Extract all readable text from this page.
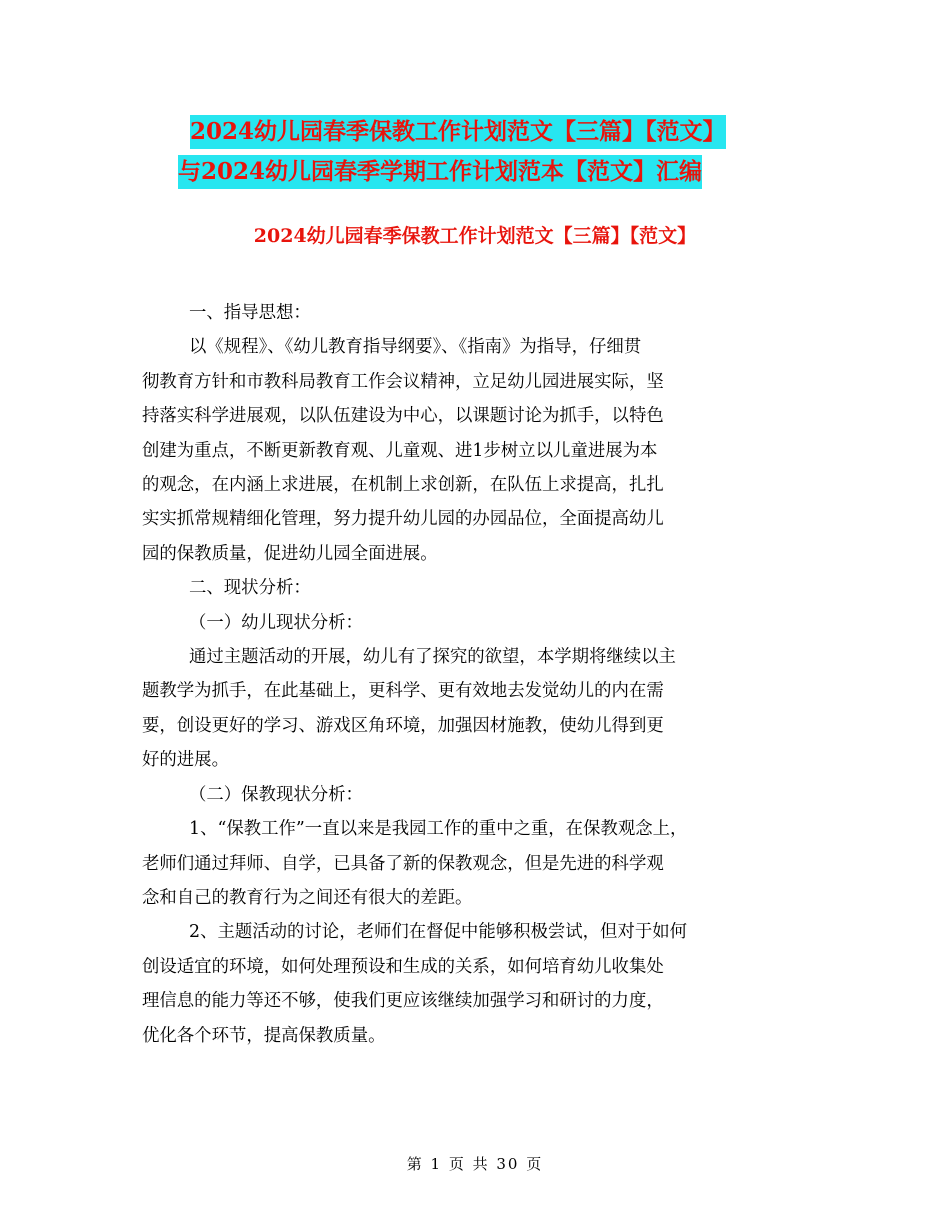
2024幼儿园春季保教工作计划范文【三篇】【范文】
与2024幼儿园春季学期工作计划范本【范文】汇编
2024幼儿园春季保教工作计划范文【三篇】【范文】

一、指导思想：

以《规程》、《幼儿教育指导纲要》、《指南》为指导，仔细贯

彻教育方针和市教科局教育工作会议精神，立足幼儿园进展实际，坚

持落实科学进展观，以队伍建设为中心，以课题讨论为抓手，以特色

创建为重点，不断更新教育观、儿童观、进1步树立以儿童进展为本

的观念，在内涵上求进展，在机制上求创新，在队伍上求提高，扎扎

实实抓常规精细化管理，努力提升幼儿园的办园品位，全面提高幼儿

园的保教质量，促进幼儿园全面进展。

二、现状分析：

（一）幼儿现状分析：

通过主题活动的开展，幼儿有了探究的欲望，本学期将继续以主

题教学为抓手，在此基础上，更科学、更有效地去发觉幼儿的内在需

要，创设更好的学习、游戏区角环境，加强因材施教，使幼儿得到更

好的进展。

（二）保教现状分析：

1、“保教工作”一直以来是我园工作的重中之重，在保教观念上，

老师们通过拜师、自学，已具备了新的保教观念，但是先进的科学观

念和自己的教育行为之间还有很大的差距。

2、主题活动的讨论，老师们在督促中能够积极尝试，但对于如何

创设适宜的环境，如何处理预设和生成的关系，如何培育幼儿收集处

理信息的能力等还不够，使我们更应该继续加强学习和研讨的力度，

优化各个环节，提高保教质量。

第 1 页 共 30 页
